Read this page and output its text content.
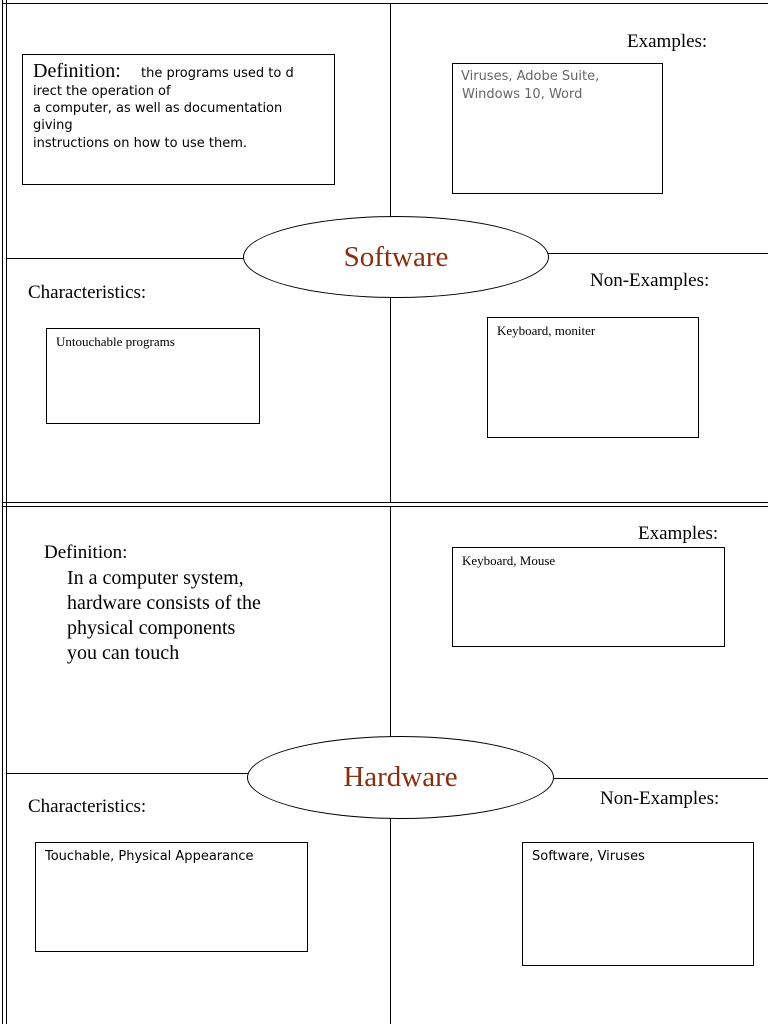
Definition: the programs used to d
irect the operation of
a computer, as well as documentation
giving
instructions on how to use them.
Examples:
Viruses, Adobe Suite,
Windows 10, Word
Software
Characteristics:
Untouchable programs
Non-Examples:
Keyboard, moniter
Definition:
In a computer system,
hardware consists of the
physical components
you can touch
Examples:
Keyboard, Mouse
Hardware
Characteristics:
Touchable, Physical Appearance
Non-Examples:
Software, Viruses
